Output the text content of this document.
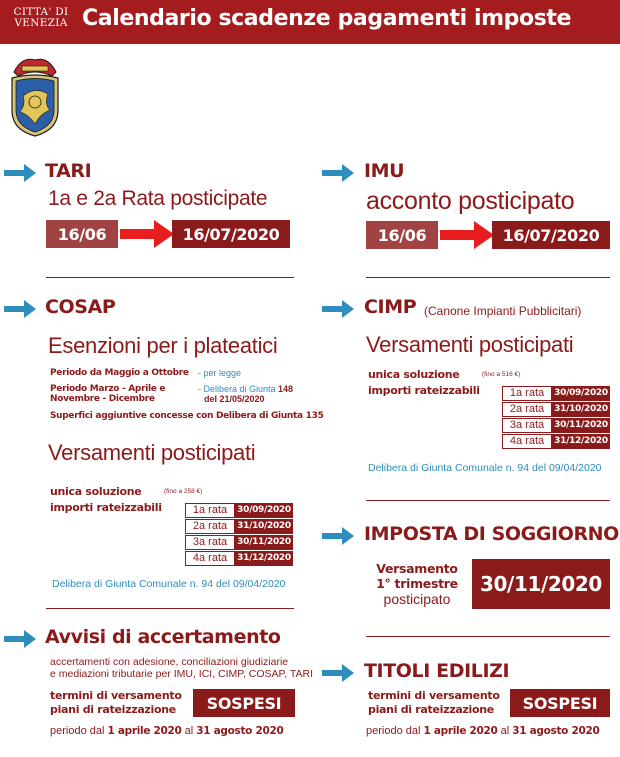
CITTA' DI
VENEZIA Calendario scadenze pagamenti imposte
TARI
1a e 2a Rata posticipate
16/06	16/07/2020
IMU
acconto posticipato
16/06	16/07/2020
COSAP
Esenzioni per i plateatici
Periodo da Maggio a Ottobre - per legge
Periodo Marzo - Aprile e
Novembre - Dicembre
- Delibera di Giunta 148
del 21/05/2020
Superfici aggiuntive concesse con Delibera di Giunta 135
Versamenti posticipati
unica soluzione	(fino a 258 €)
importi rateizzabili	1a rata	30/09/2020
2a rata	31/10/2020
3a rata	30/11/2020
4a rata	31/12/2020
Delibera di Giunta Comunale n. 94 del 09/04/2020
CIMP (Canone Impianti Pubblicitari)
Versamenti posticipati
unica soluzione	(fino a 516 €)
importi rateizzabili	1a rata	30/09/2020
2a rata	31/10/2020
3a rata	30/11/2020
4a rata	31/12/2020
Delibera di Giunta Comunale n. 94 del 09/04/2020
IMPOSTA DI SOGGIORNO
Versamento
1° trimestre
posticipato
30/11/2020
Avvisi di accertamento
accertamenti con adesione, conciliazioni giudiziarie
e mediazioni tributarie per IMU, ICI, CIMP, COSAP, TARI
termini di versamento
piani di rateizzazione	SOSPESI
periodo dal 1 aprile 2020 al 31 agosto 2020
TITOLI EDILIZI
termini di versamento
piani di rateizzazione	SOSPESI
periodo dal 1 aprile 2020 al 31 agosto 2020
